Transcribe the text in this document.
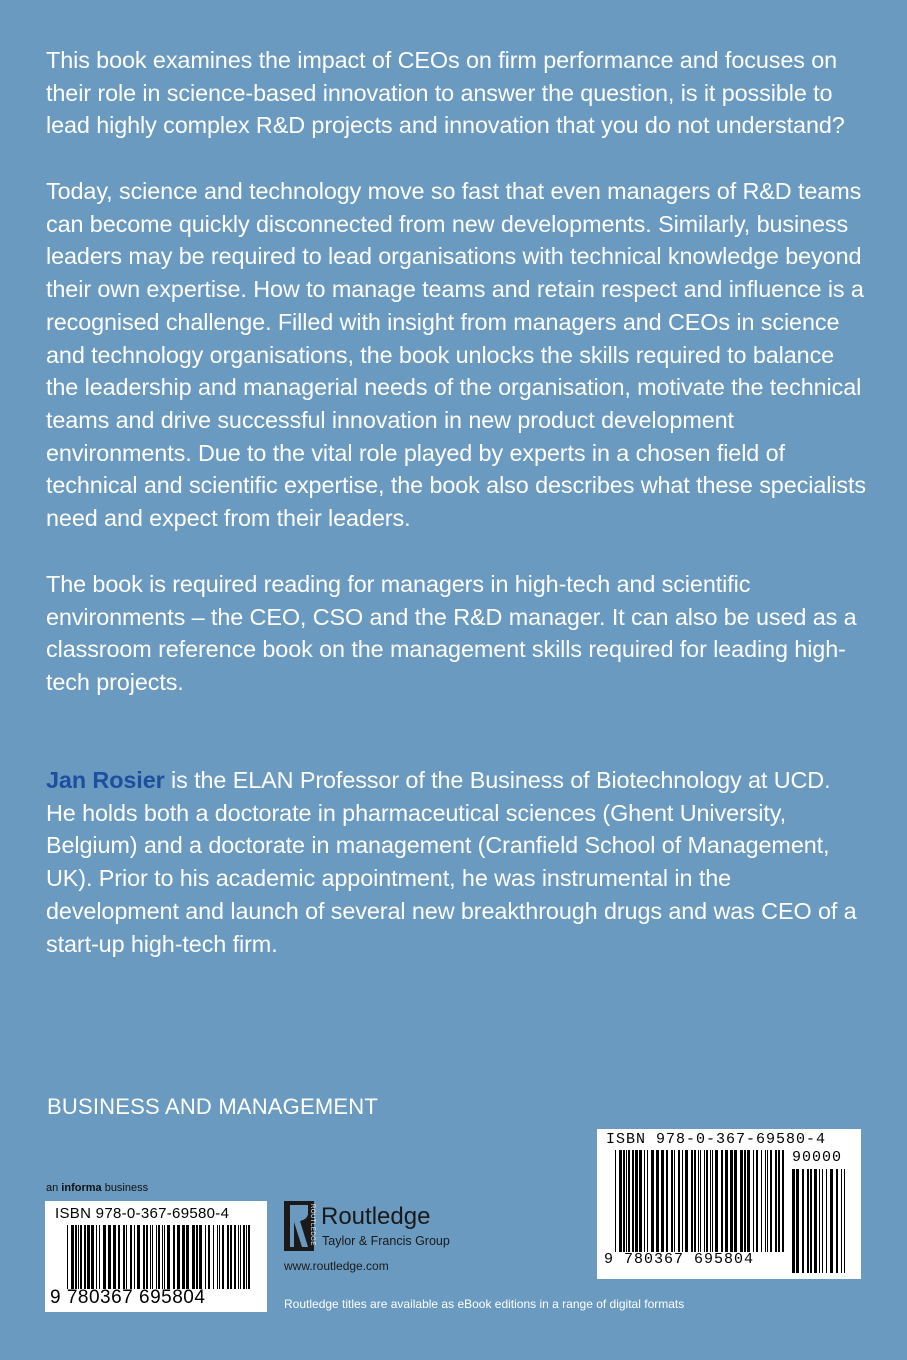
This book examines the impact of CEOs on firm performance and focuses on their role in science-based innovation to answer the question, is it possible to lead highly complex R&D projects and innovation that you do not understand?

Today, science and technology move so fast that even managers of R&D teams can become quickly disconnected from new developments. Similarly, business leaders may be required to lead organisations with technical knowledge beyond their own expertise. How to manage teams and retain respect and influence is a recognised challenge. Filled with insight from managers and CEOs in science and technology organisations, the book unlocks the skills required to balance the leadership and managerial needs of the organisation, motivate the technical teams and drive successful innovation in new product development environments. Due to the vital role played by experts in a chosen field of technical and scientific expertise, the book also describes what these specialists need and expect from their leaders.

The book is required reading for managers in high-tech and scientific environments – the CEO, CSO and the R&D manager. It can also be used as a classroom reference book on the management skills required for leading high-tech projects.

Jan Rosier is the ELAN Professor of the Business of Biotechnology at UCD. He holds both a doctorate in pharmaceutical sciences (Ghent University, Belgium) and a doctorate in management (Cranfield School of Management, UK). Prior to his academic appointment, he was instrumental in the development and launch of several new breakthrough drugs and was CEO of a start-up high-tech firm.

BUSINESS AND MANAGEMENT
an informa business
ISBN 978-0-367-69580-4
9 780367 695804
ROUTLEDGE Routledge
Taylor & Francis Group
www.routledge.com
Routledge titles are available as eBook editions in a range of digital formats
ISBN 978-0-367-69580-4
90000
9 780367 695804
